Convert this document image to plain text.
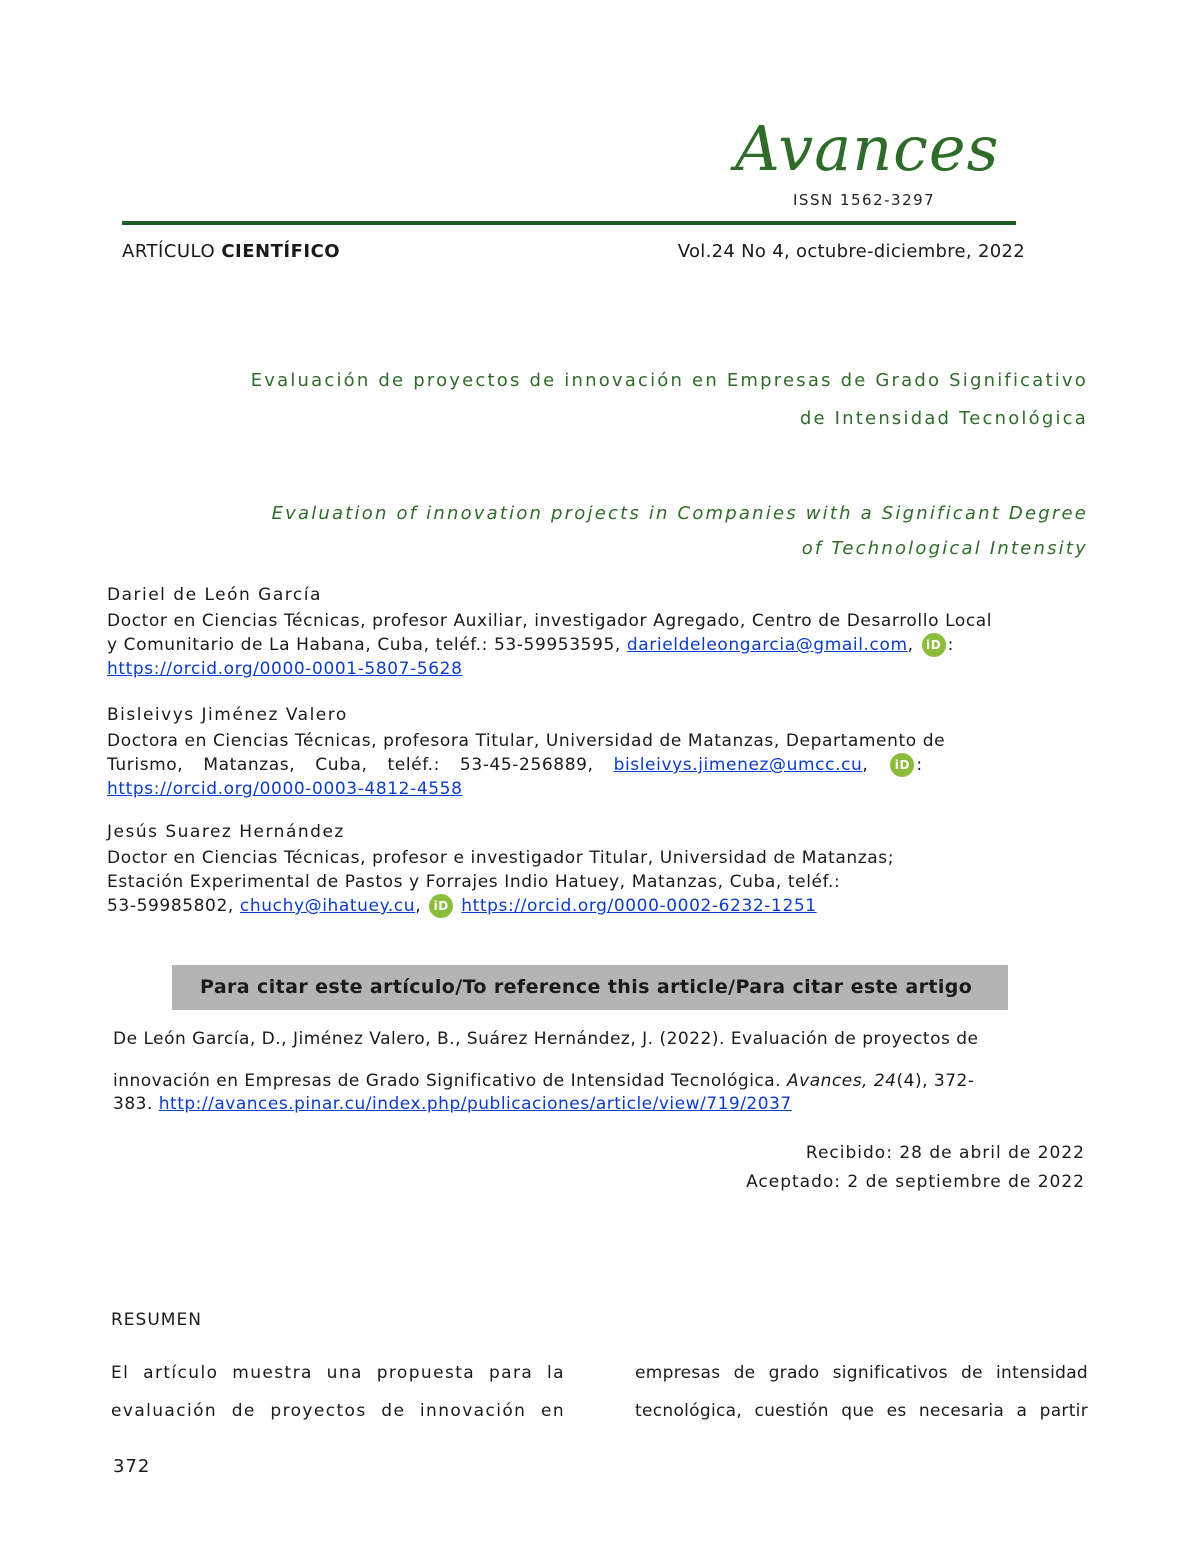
Avances
ISSN 1562-3297
ARTÍCULO CIENTÍFICO	Vol.24 No 4, octubre-diciembre, 2022
Evaluación de proyectos de innovación en Empresas de Grado Significativo
de Intensidad Tecnológica
Evaluation of innovation projects in Companies with a Significant Degree
of Technological Intensity
Dariel de León García
Doctor en Ciencias Técnicas, profesor Auxiliar, investigador Agregado, Centro de Desarrollo Local
y Comunitario de La Habana, Cuba, teléf.: 53-59953595, darieldeleongarcia@gmail.com, iD :
https://orcid.org/0000-0001-5807-5628
Bisleivys Jiménez Valero
Doctora en Ciencias Técnicas, profesora Titular, Universidad de Matanzas, Departamento de
Turismo, Matanzas, Cuba, teléf.: 53-45-256889, bisleivys.jimenez@umcc.cu, iD :
https://orcid.org/0000-0003-4812-4558
Jesús Suarez Hernández
Doctor en Ciencias Técnicas, profesor e investigador Titular, Universidad de Matanzas;
Estación Experimental de Pastos y Forrajes Indio Hatuey, Matanzas, Cuba, teléf.:
53-59985802, chuchy@ihatuey.cu, iD https://orcid.org/0000-0002-6232-1251
Para citar este artículo/To reference this article/Para citar este artigo
De León García, D., Jiménez Valero, B., Suárez Hernández, J. (2022). Evaluación de proyectos de
innovación en Empresas de Grado Significativo de Intensidad Tecnológica. Avances, 24(4), 372-
383. http://avances.pinar.cu/index.php/publicaciones/article/view/719/2037
Recibido: 28 de abril de 2022
Aceptado: 2 de septiembre de 2022
RESUMEN
El artículo muestra una propuesta para la
evaluación de proyectos de innovación en
empresas de grado significativos de intensidad
tecnológica, cuestión que es necesaria a partir
372
